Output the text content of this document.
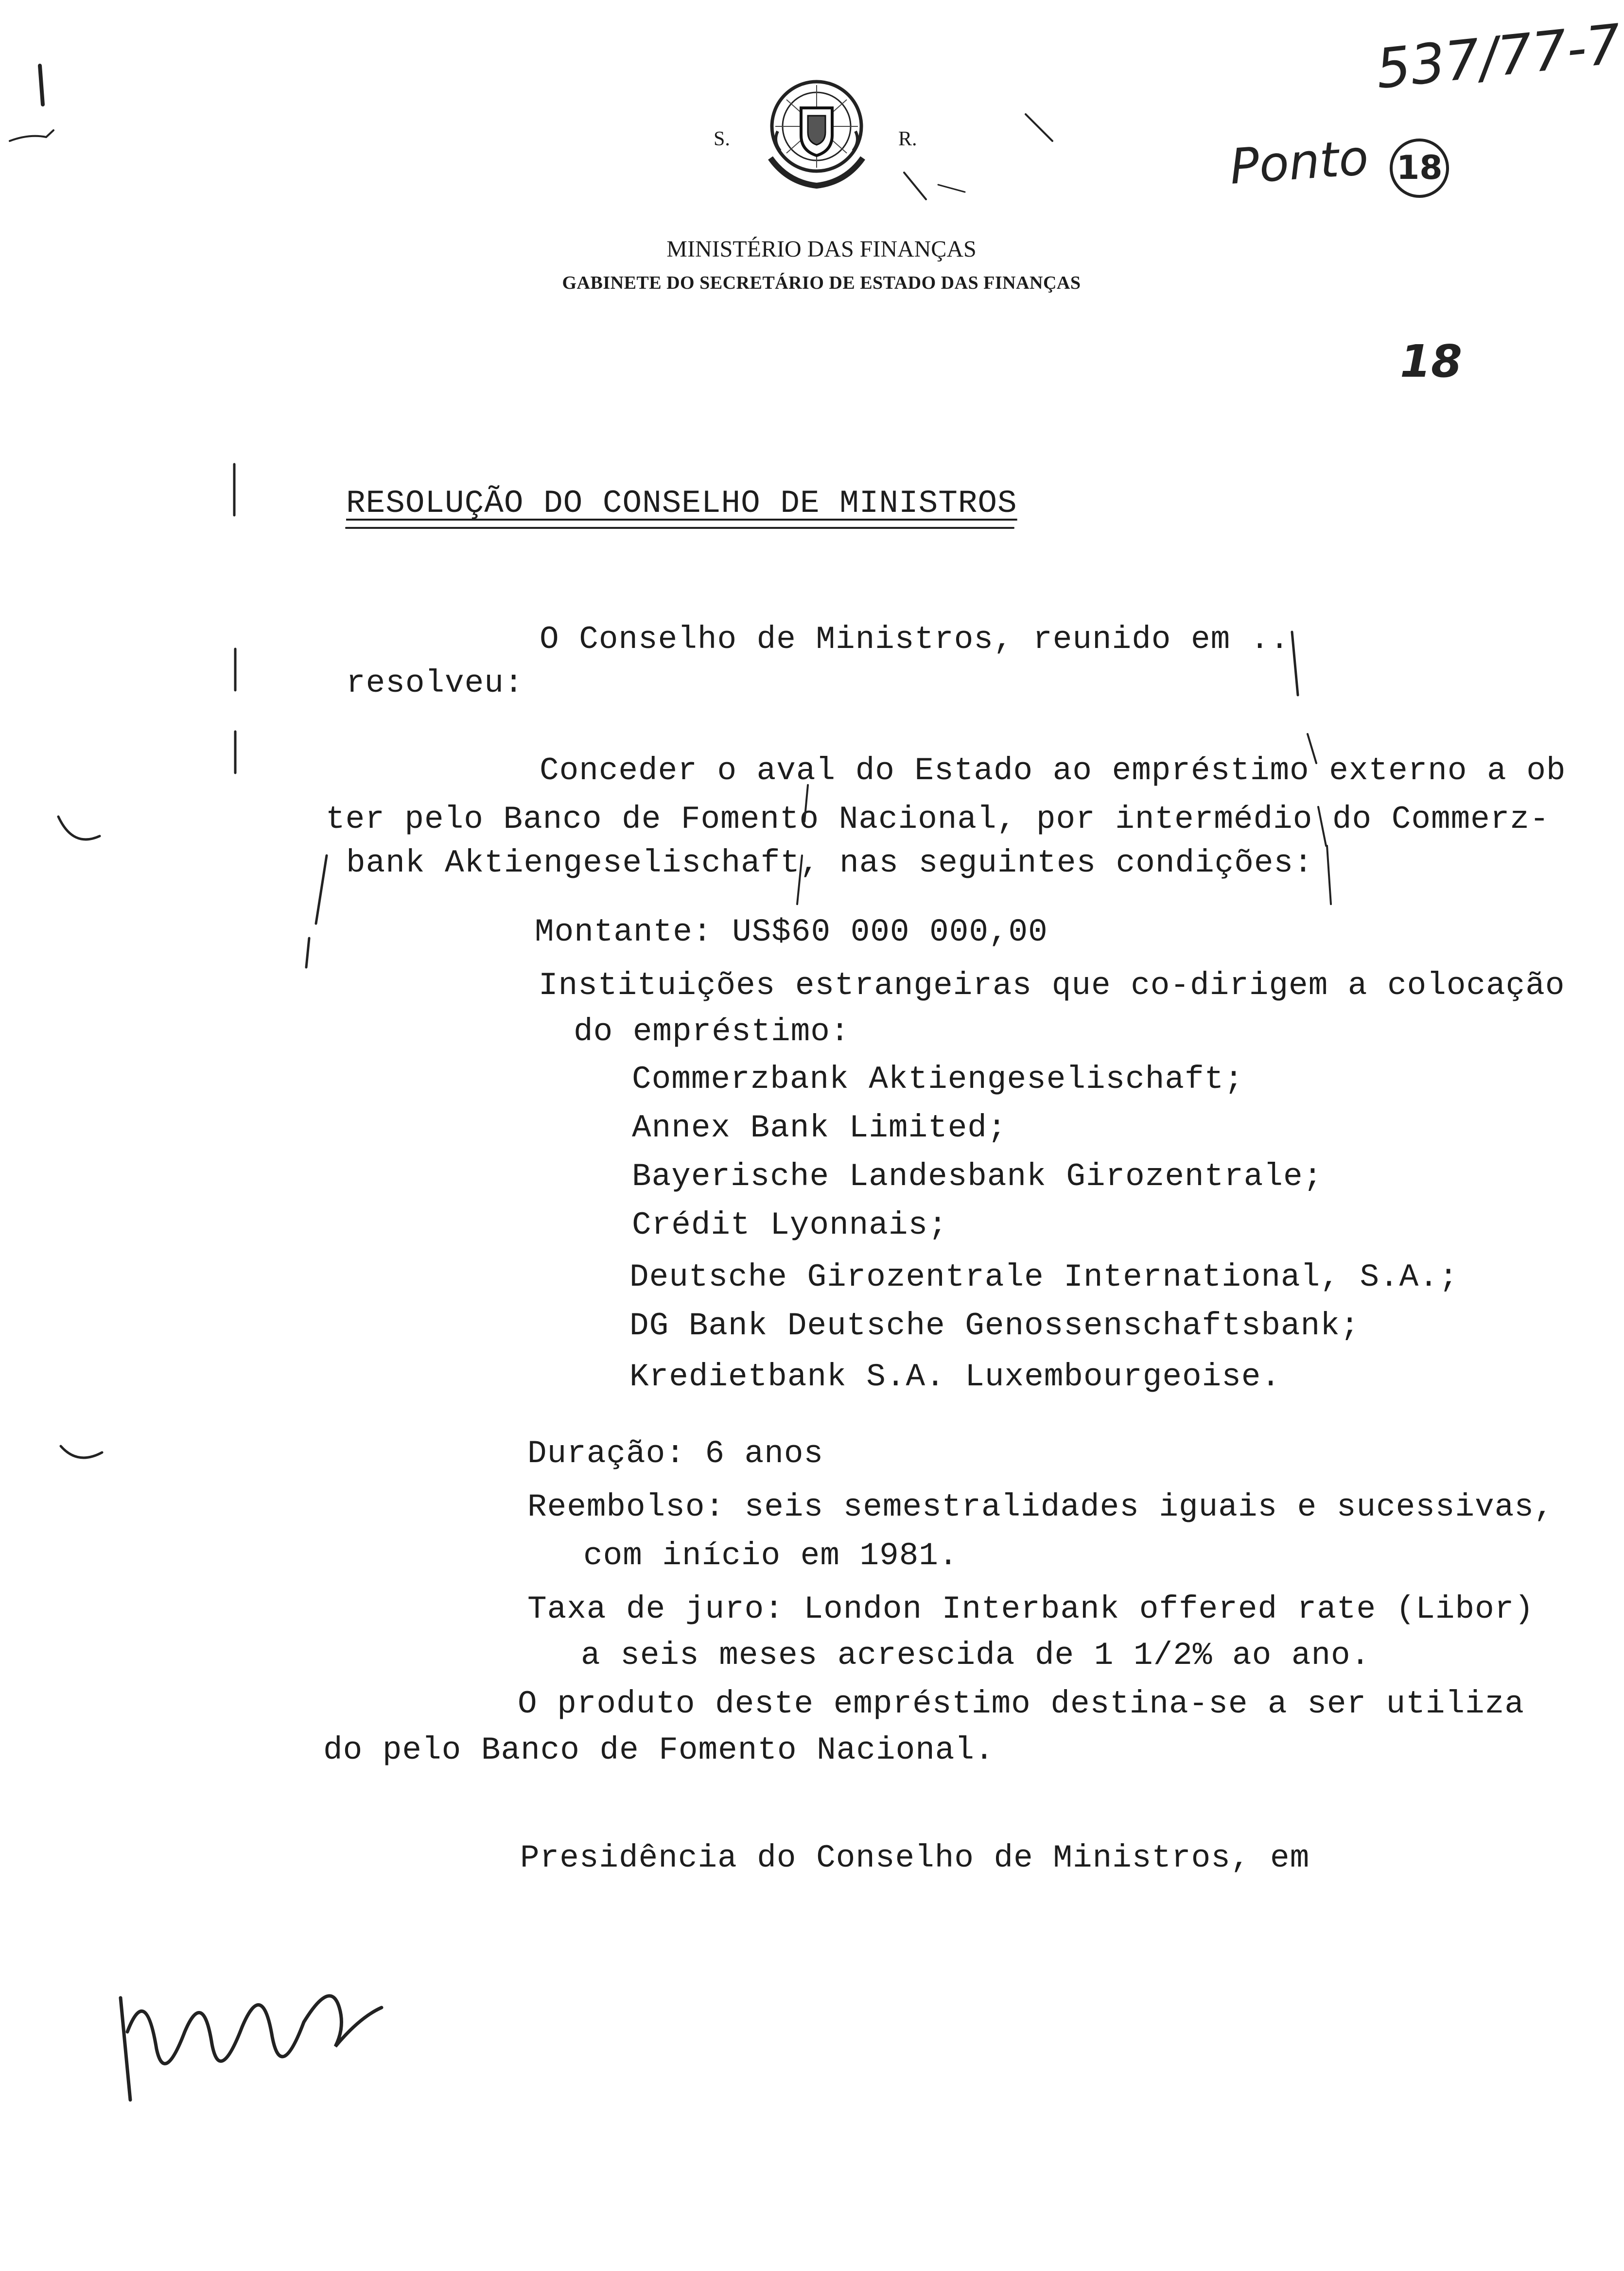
S.	R.
MINISTÉRIO DAS FINANÇAS
GABINETE DO SECRETÁRIO DE ESTADO DAS FINANÇAS
537/77-7
Ponto 18
18
RESOLUÇÃO DO CONSELHO DE MINISTROS
O Conselho de Ministros, reunido em ..
resolveu:
Conceder o aval do Estado ao empréstimo externo a ob
ter pelo Banco de Fomento Nacional, por intermédio do Commerz-
bank Aktiengeselischaft, nas seguintes condições:
Montante: US$60 000 000,00
Instituições estrangeiras que co-dirigem a colocação
do empréstimo:
Commerzbank Aktiengeselischaft;
Annex Bank Limited;
Bayerische Landesbank Girozentrale;
Crédit Lyonnais;
Deutsche Girozentrale International, S.A.;
DG Bank Deutsche Genossenschaftsbank;
Kredietbank S.A. Luxembourgeoise.
Duração: 6 anos
Reembolso: seis semestralidades iguais e sucessivas,
com início em 1981.
Taxa de juro: London Interbank offered rate (Libor)
a seis meses acrescida de 1 1/2% ao ano.
O produto deste empréstimo destina-se a ser utiliza
do pelo Banco de Fomento Nacional.
Presidência do Conselho de Ministros, em
